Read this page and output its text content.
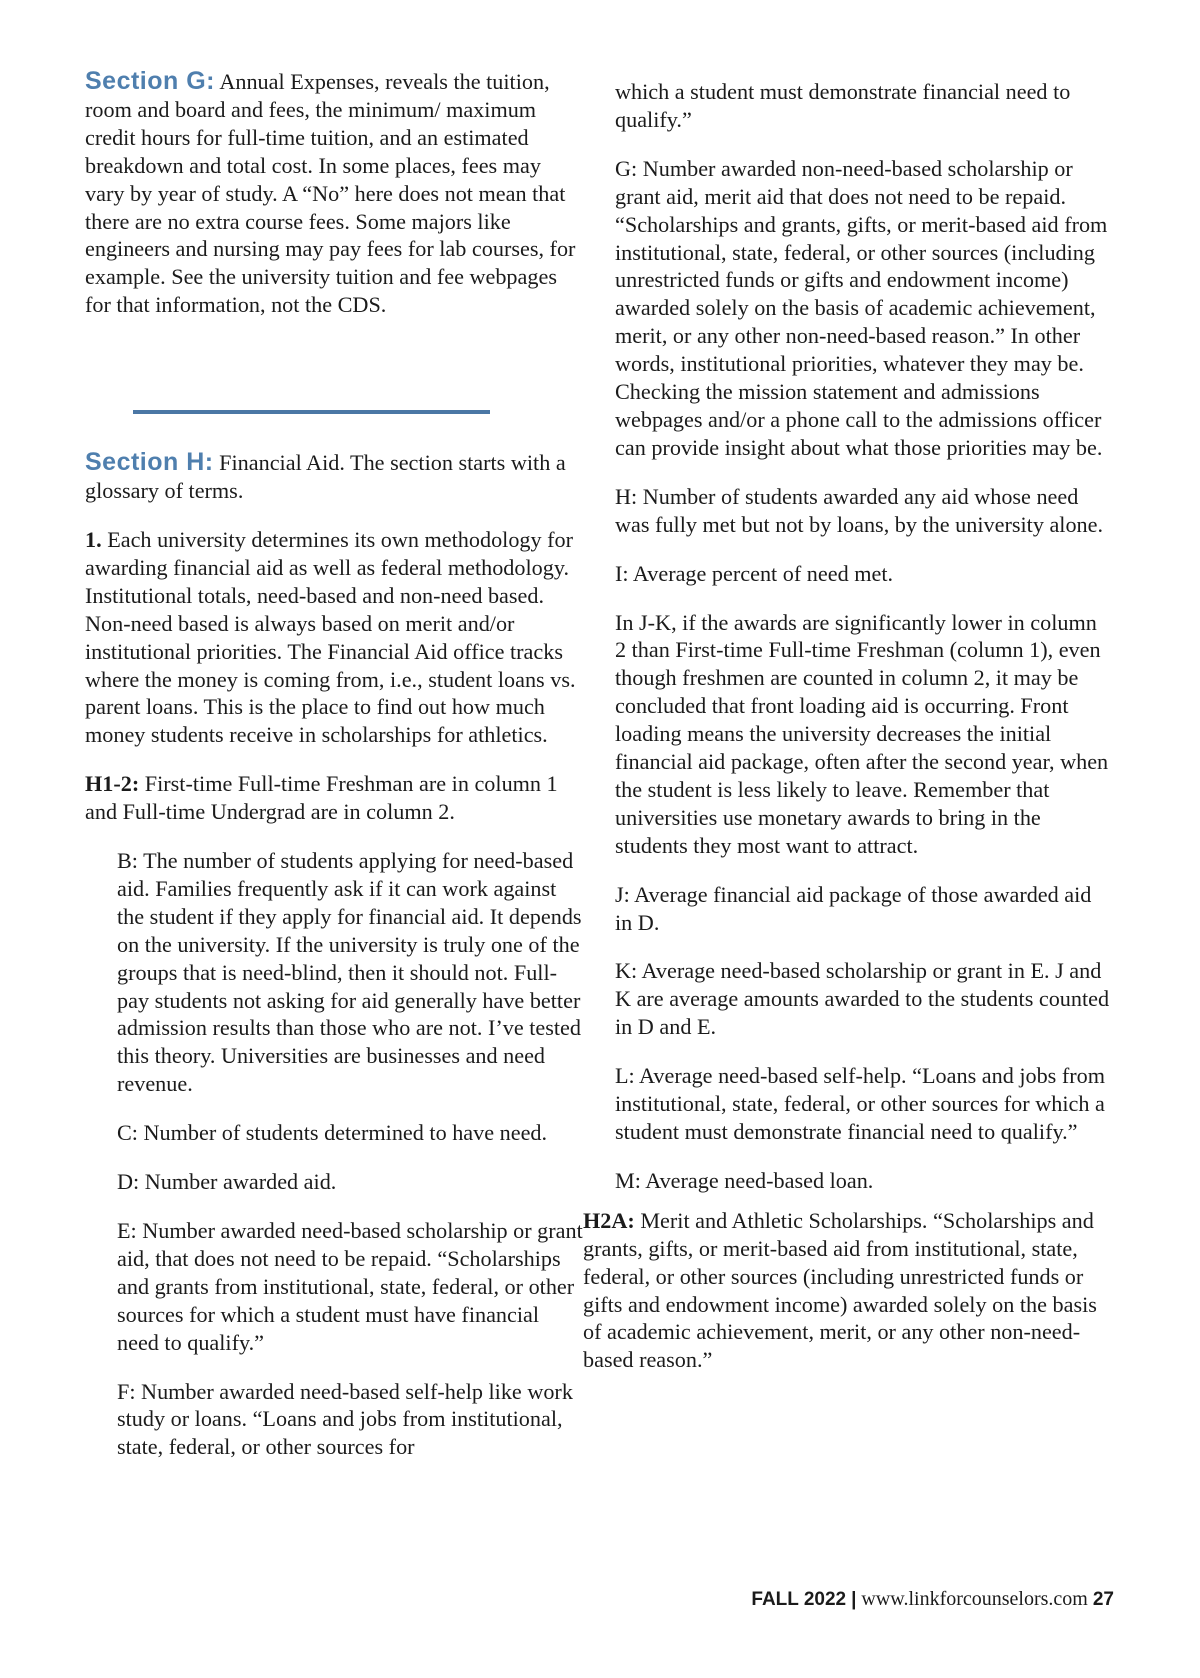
Section G: Annual Expenses, reveals the tuition, room and board and fees, the minimum/ maximum credit hours for full-time tuition, and an estimated breakdown and total cost. In some places, fees may vary by year of study. A “No” here does not mean that there are no extra course fees. Some majors like engineers and nursing may pay fees for lab courses, for example. See the university tuition and fee webpages for that information, not the CDS.

Section H: Financial Aid. The section starts with a glossary of terms.

1. Each university determines its own methodology for awarding financial aid as well as federal methodology. Institutional totals, need-based and non-need based. Non-need based is always based on merit and/or institutional priorities. The Financial Aid office tracks where the money is coming from, i.e., student loans vs. parent loans. This is the place to find out how much money students receive in scholarships for athletics.

H1-2: First-time Full-time Freshman are in column 1 and Full-time Undergrad are in column 2.

B: The number of students applying for need-based aid. Families frequently ask if it can work against the student if they apply for financial aid. It depends on the university. If the university is truly one of the groups that is need-blind, then it should not. Full-pay students not asking for aid generally have better admission results than those who are not. I’ve tested this theory. Universities are businesses and need revenue.

C: Number of students determined to have need.

D: Number awarded aid.

E: Number awarded need-based scholarship or grant aid, that does not need to be repaid. “Scholarships and grants from institutional, state, federal, or other sources for which a student must have financial need to qualify.”

F: Number awarded need-based self-help like work study or loans. “Loans and jobs from institutional, state, federal, or other sources for

which a student must demonstrate financial need to qualify.”

G: Number awarded non-need-based scholarship or grant aid, merit aid that does not need to be repaid. “Scholarships and grants, gifts, or merit-based aid from institutional, state, federal, or other sources (including unrestricted funds or gifts and endowment income) awarded solely on the basis of academic achievement, merit, or any other non-need-based reason.” In other words, institutional priorities, whatever they may be. Checking the mission statement and admissions webpages and/or a phone call to the admissions officer can provide insight about what those priorities may be.

H: Number of students awarded any aid whose need was fully met but not by loans, by the university alone.

I: Average percent of need met.

In J-K, if the awards are significantly lower in column 2 than First-time Full-time Freshman (column 1), even though freshmen are counted in column 2, it may be concluded that front loading aid is occurring. Front loading means the university decreases the initial financial aid package, often after the second year, when the student is less likely to leave. Remember that universities use monetary awards to bring in the students they most want to attract.

J: Average financial aid package of those awarded aid in D.

K: Average need-based scholarship or grant in E. J and K are average amounts awarded to the students counted in D and E.

L: Average need-based self-help. “Loans and jobs from institutional, state, federal, or other sources for which a student must demonstrate financial need to qualify.”

M: Average need-based loan.

H2A: Merit and Athletic Scholarships. “Scholarships and grants, gifts, or merit-based aid from institutional, state, federal, or other sources (including unrestricted funds or gifts and endowment income) awarded solely on the basis of academic achievement, merit, or any other non-need-based reason.”

FALL 2022 | www.linkforcounselors.com 27
